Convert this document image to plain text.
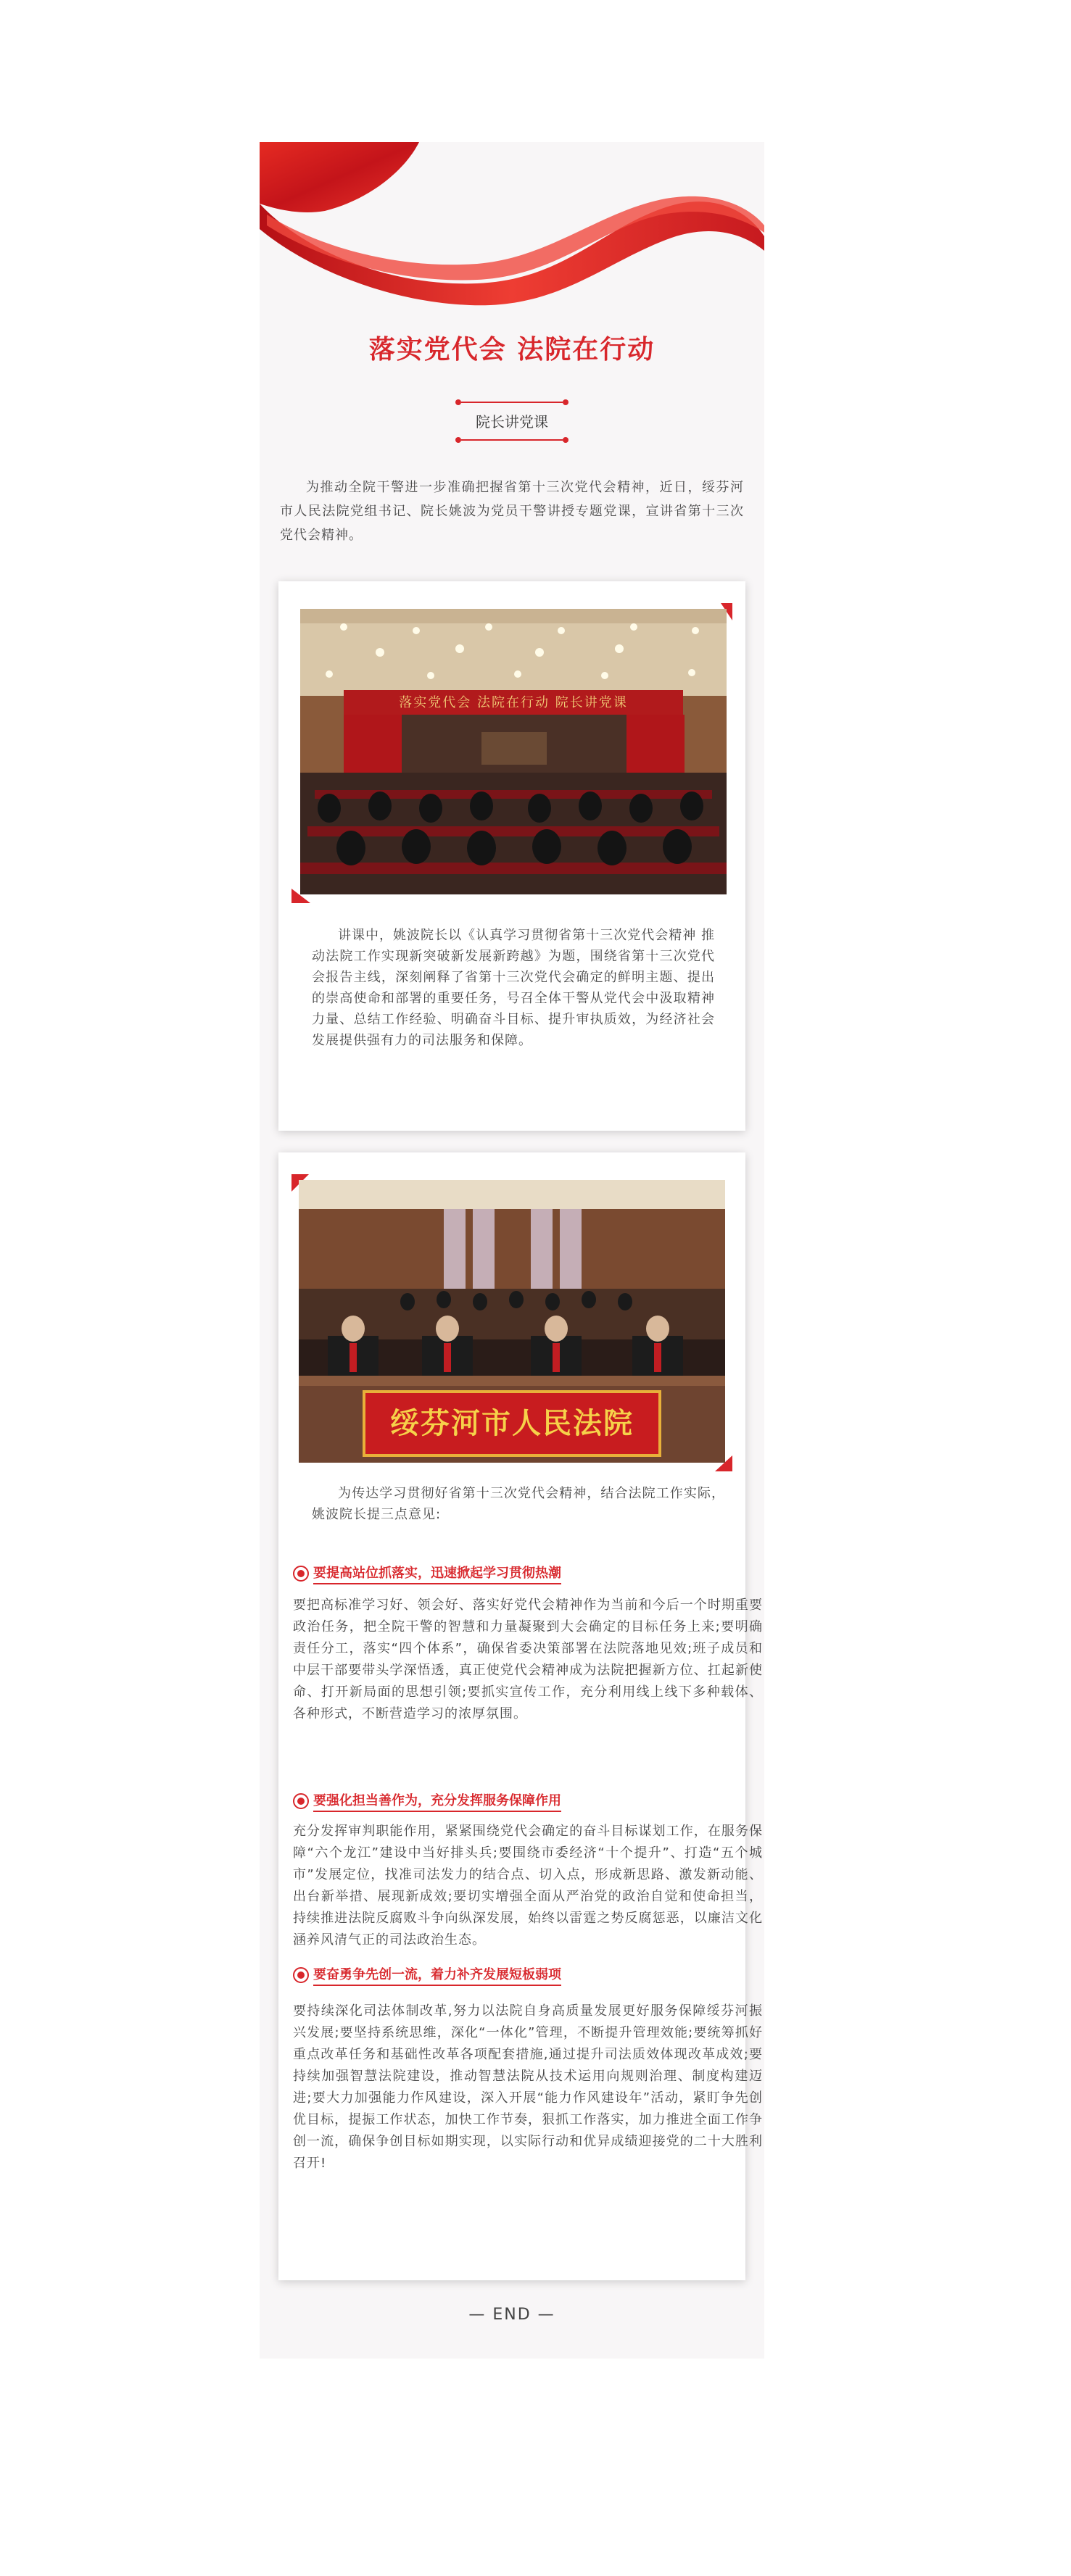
落实党代会 法院在行动
院长讲党课
为推动全院干警进一步准确把握省第十三次党代会精神，近日，绥芬河市人民法院党组书记、院长姚波为党员干警讲授专题党课，宣讲省第十三次党代会精神。
落实党代会 法院在行动 院长讲党课
讲课中，姚波院长以《认真学习贯彻省第十三次党代会精神 推动法院工作实现新突破新发展新跨越》为题，围绕省第十三次党代会报告主线，深刻阐释了省第十三次党代会确定的鲜明主题、提出的崇高使命和部署的重要任务，号召全体干警从党代会中汲取精神力量、总结工作经验、明确奋斗目标、提升审执质效，为经济社会发展提供强有力的司法服务和保障。
绥芬河市人民法院
为传达学习贯彻好省第十三次党代会精神，结合法院工作实际，姚波院长提三点意见:
要提高站位抓落实，迅速掀起学习贯彻热潮
要把高标准学习好、领会好、落实好党代会精神作为当前和今后一个时期重要政治任务，把全院干警的智慧和力量凝聚到大会确定的目标任务上来;要明确责任分工，落实“四个体系”，确保省委决策部署在法院落地见效;班子成员和中层干部要带头学深悟透，真正使党代会精神成为法院把握新方位、扛起新使命、打开新局面的思想引领;要抓实宣传工作，充分利用线上线下多种载体、各种形式，不断营造学习的浓厚氛围。
要强化担当善作为，充分发挥服务保障作用
充分发挥审判职能作用，紧紧围绕党代会确定的奋斗目标谋划工作，在服务保障“六个龙江”建设中当好排头兵;要围绕市委经济“十个提升”、打造“五个城市”发展定位，找准司法发力的结合点、切入点，形成新思路、激发新动能、出台新举措、展现新成效;要切实增强全面从严治党的政治自觉和使命担当，持续推进法院反腐败斗争向纵深发展，始终以雷霆之势反腐惩恶，以廉洁文化涵养风清气正的司法政治生态。
要奋勇争先创一流，着力补齐发展短板弱项
要持续深化司法体制改革,努力以法院自身高质量发展更好服务保障绥芬河振兴发展;要坚持系统思维，深化“一体化”管理，不断提升管理效能;要统筹抓好重点改革任务和基础性改革各项配套措施,通过提升司法质效体现改革成效;要持续加强智慧法院建设，推动智慧法院从技术运用向规则治理、制度构建迈进;要大力加强能力作风建设，深入开展“能力作风建设年”活动，紧盯争先创优目标，提振工作状态，加快工作节奏，狠抓工作落实，加力推进全面工作争创一流，确保争创目标如期实现，以实际行动和优异成绩迎接党的二十大胜利召开!
— END —
